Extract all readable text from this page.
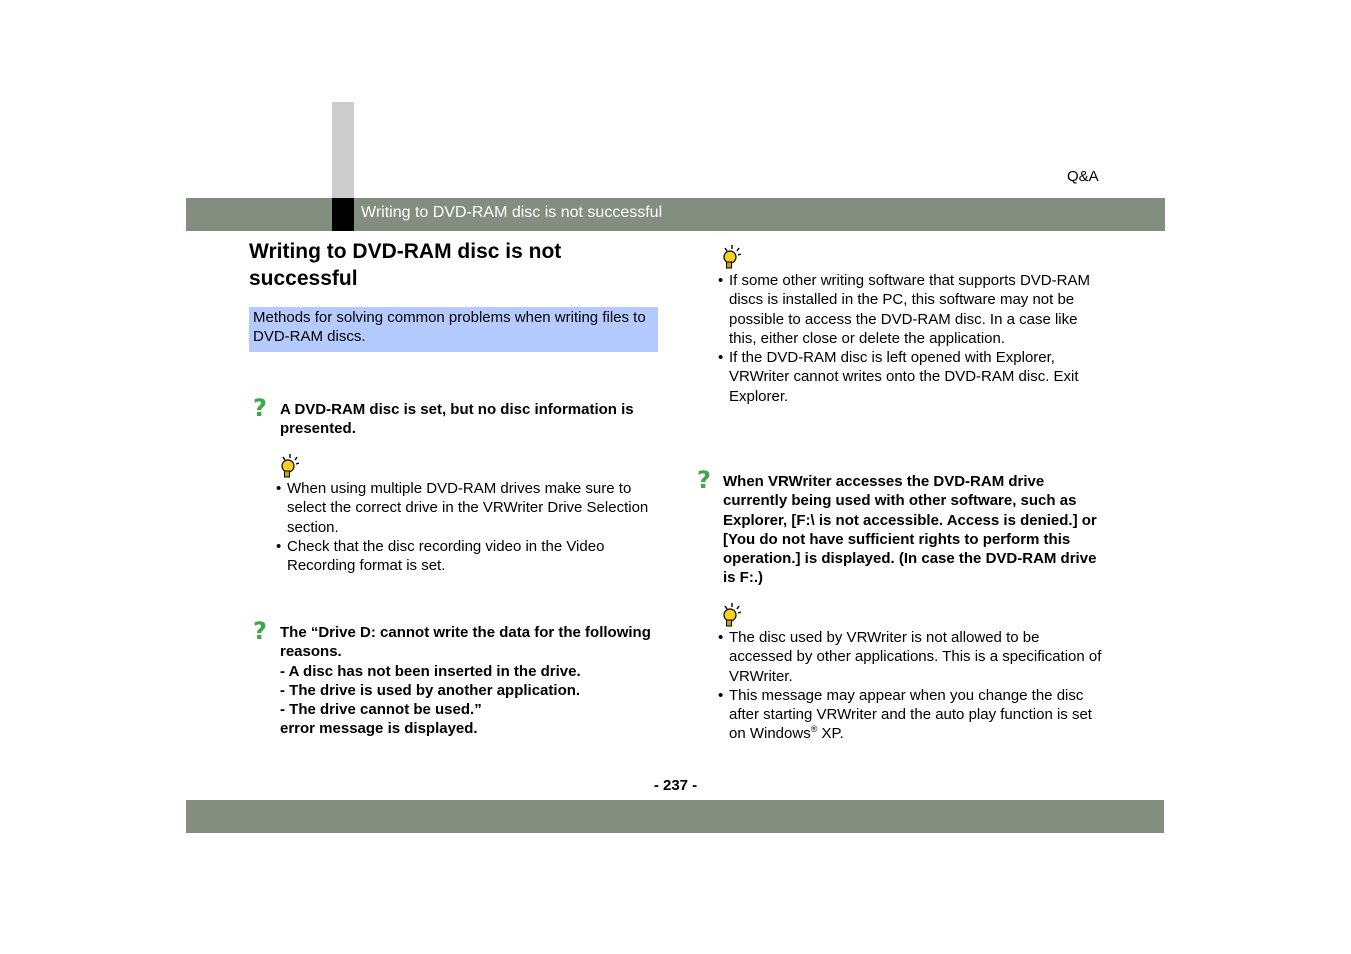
Q&A
Writing to DVD-RAM disc is not successful
Writing to DVD-RAM disc is not successful
Methods for solving common problems when writing files to DVD-RAM discs.
? A DVD-RAM disc is set, but no disc information is presented.
• When using multiple DVD-RAM drives make sure to select the correct drive in the VRWriter Drive Selection section.
• Check that the disc recording video in the Video Recording format is set.
? The “Drive D: cannot write the data for the following reasons.
- A disc has not been inserted in the drive.
- The drive is used by another application.
- The drive cannot be used.”
error message is displayed.
• If some other writing software that supports DVD-RAM discs is installed in the PC, this software may not be possible to access the DVD-RAM disc. In a case like this, either close or delete the application.
• If the DVD-RAM disc is left opened with Explorer, VRWriter cannot writes onto the DVD-RAM disc. Exit Explorer.
? When VRWriter accesses the DVD-RAM drive currently being used with other software, such as Explorer, [F:\ is not accessible. Access is denied.] or [You do not have sufficient rights to perform this operation.] is displayed. (In case the DVD-RAM drive is F:.)
• The disc used by VRWriter is not allowed to be accessed by other applications. This is a specification of VRWriter.
• This message may appear when you change the disc after starting VRWriter and the auto play function is set on Windows® XP.
- 237 -
